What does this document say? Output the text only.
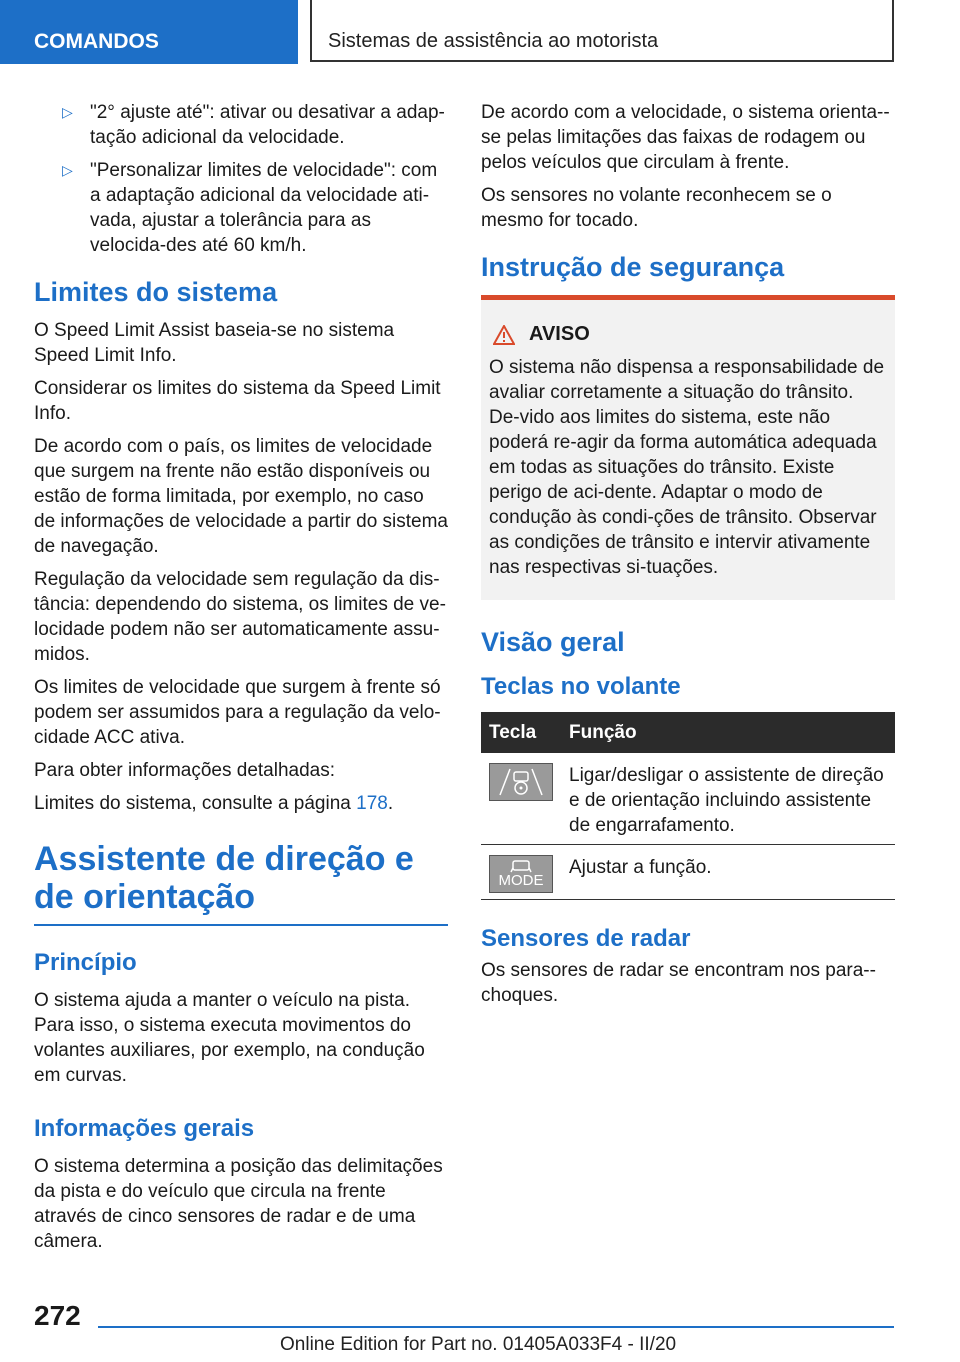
COMANDOS	Sistemas de assistência ao motorista
▷ "2° ajuste até": ativar ou desativar a adap-tação adicional da velocidade.
▷ "Personalizar limites de velocidade": com a adaptação adicional da velocidade ati-vada, ajustar a tolerância para as velocida-des até 60 km/h.
Limites do sistema

O Speed Limit Assist baseia-se no sistema Speed Limit Info.

Considerar os limites do sistema da Speed Limit Info.

De acordo com o país, os limites de velocidade que surgem na frente não estão disponíveis ou estão de forma limitada, por exemplo, no caso de informações de velocidade a partir do sistema de navegação.

Regulação da velocidade sem regulação da dis-tância: dependendo do sistema, os limites de ve-locidade podem não ser automaticamente assu-midos.

Os limites de velocidade que surgem à frente só podem ser assumidos para a regulação da velo-cidade ACC ativa.

Para obter informações detalhadas:

Limites do sistema, consulte a página 178.

Assistente de direção e de orientação
Princípio

O sistema ajuda a manter o veículo na pista. Para isso, o sistema executa movimentos do volantes auxiliares, por exemplo, na condução em curvas.

Informações gerais

O sistema determina a posição das delimitações da pista e do veículo que circula na frente através de cinco sensores de radar e de uma câmera.

De acordo com a velocidade, o sistema orienta--se pelas limitações das faixas de rodagem ou pelos veículos que circulam à frente.

Os sensores no volante reconhecem se o mesmo for tocado.

Instrução de segurança
AVISO
O sistema não dispensa a responsabilidade de avaliar corretamente a situação do trânsito. De-vido aos limites do sistema, este não poderá re-agir da forma automática adequada em todas as situações do trânsito. Existe perigo de aci-dente. Adaptar o modo de condução às condi-ções de trânsito. Observar as condições de trânsito e intervir ativamente nas respectivas si-tuações.
Visão geral
Teclas no volante
Tecla	Função

	Ligar/desligar o assistente de direção e de orientação incluindo assistente de engarrafamento.

MODE	Ajustar a função.
Sensores de radar

Os sensores de radar se encontram nos para--choques.

272
Online Edition for Part no. 01405A033F4 - II/20
